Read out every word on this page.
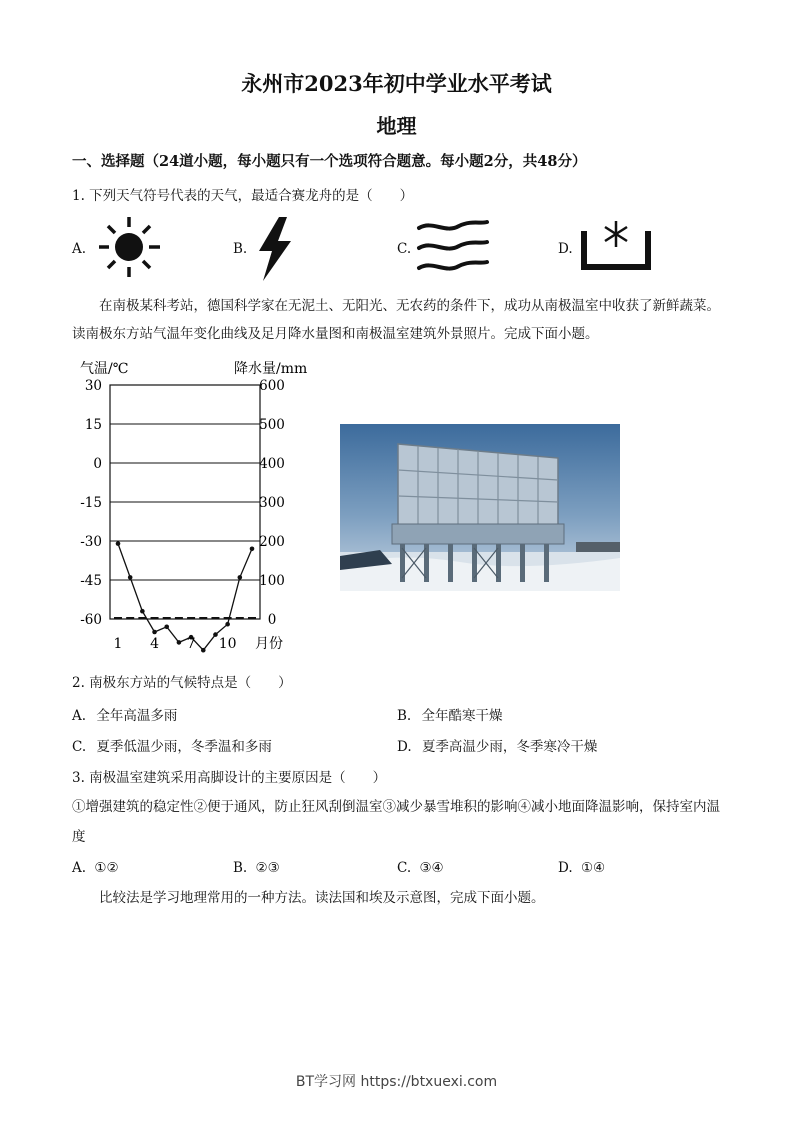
永州市2023年初中学业水平考试
地理
一、选择题（24道小题，每小题只有一个选项符合题意。每小题2分，共48分）
1. 下列天气符号代表的天气，最适合赛龙舟的是（　　）
A.	B.	C.	D.
在南极某科考站，德国科学家在无泥土、无阳光、无农药的条件下，成功从南极温室中收获了新鲜蔬菜。读南极东方站气温年变化曲线及足月降水量图和南极温室建筑外景照片。完成下面小题。
气温/℃	降水量/mm
30
15
0
-15
-30
-45
-60
600
500
400
300
200
100
0
1 4 7 10 月份
2. 南极东方站的气候特点是（　　）
A. 全年高温多雨	B. 全年酷寒干燥
C. 夏季低温少雨，冬季温和多雨	D. 夏季高温少雨，冬季寒冷干燥
3. 南极温室建筑采用高脚设计的主要原因是（　　）
①增强建筑的稳定性②便于通风，防止狂风刮倒温室③减少暴雪堆积的影响④减小地面降温影响，保持室内温度
A. ①②	B. ②③	C. ③④	D. ①④
比较法是学习地理常用的一种方法。读法国和埃及示意图，完成下面小题。
BT学习网 https://btxuexi.com
